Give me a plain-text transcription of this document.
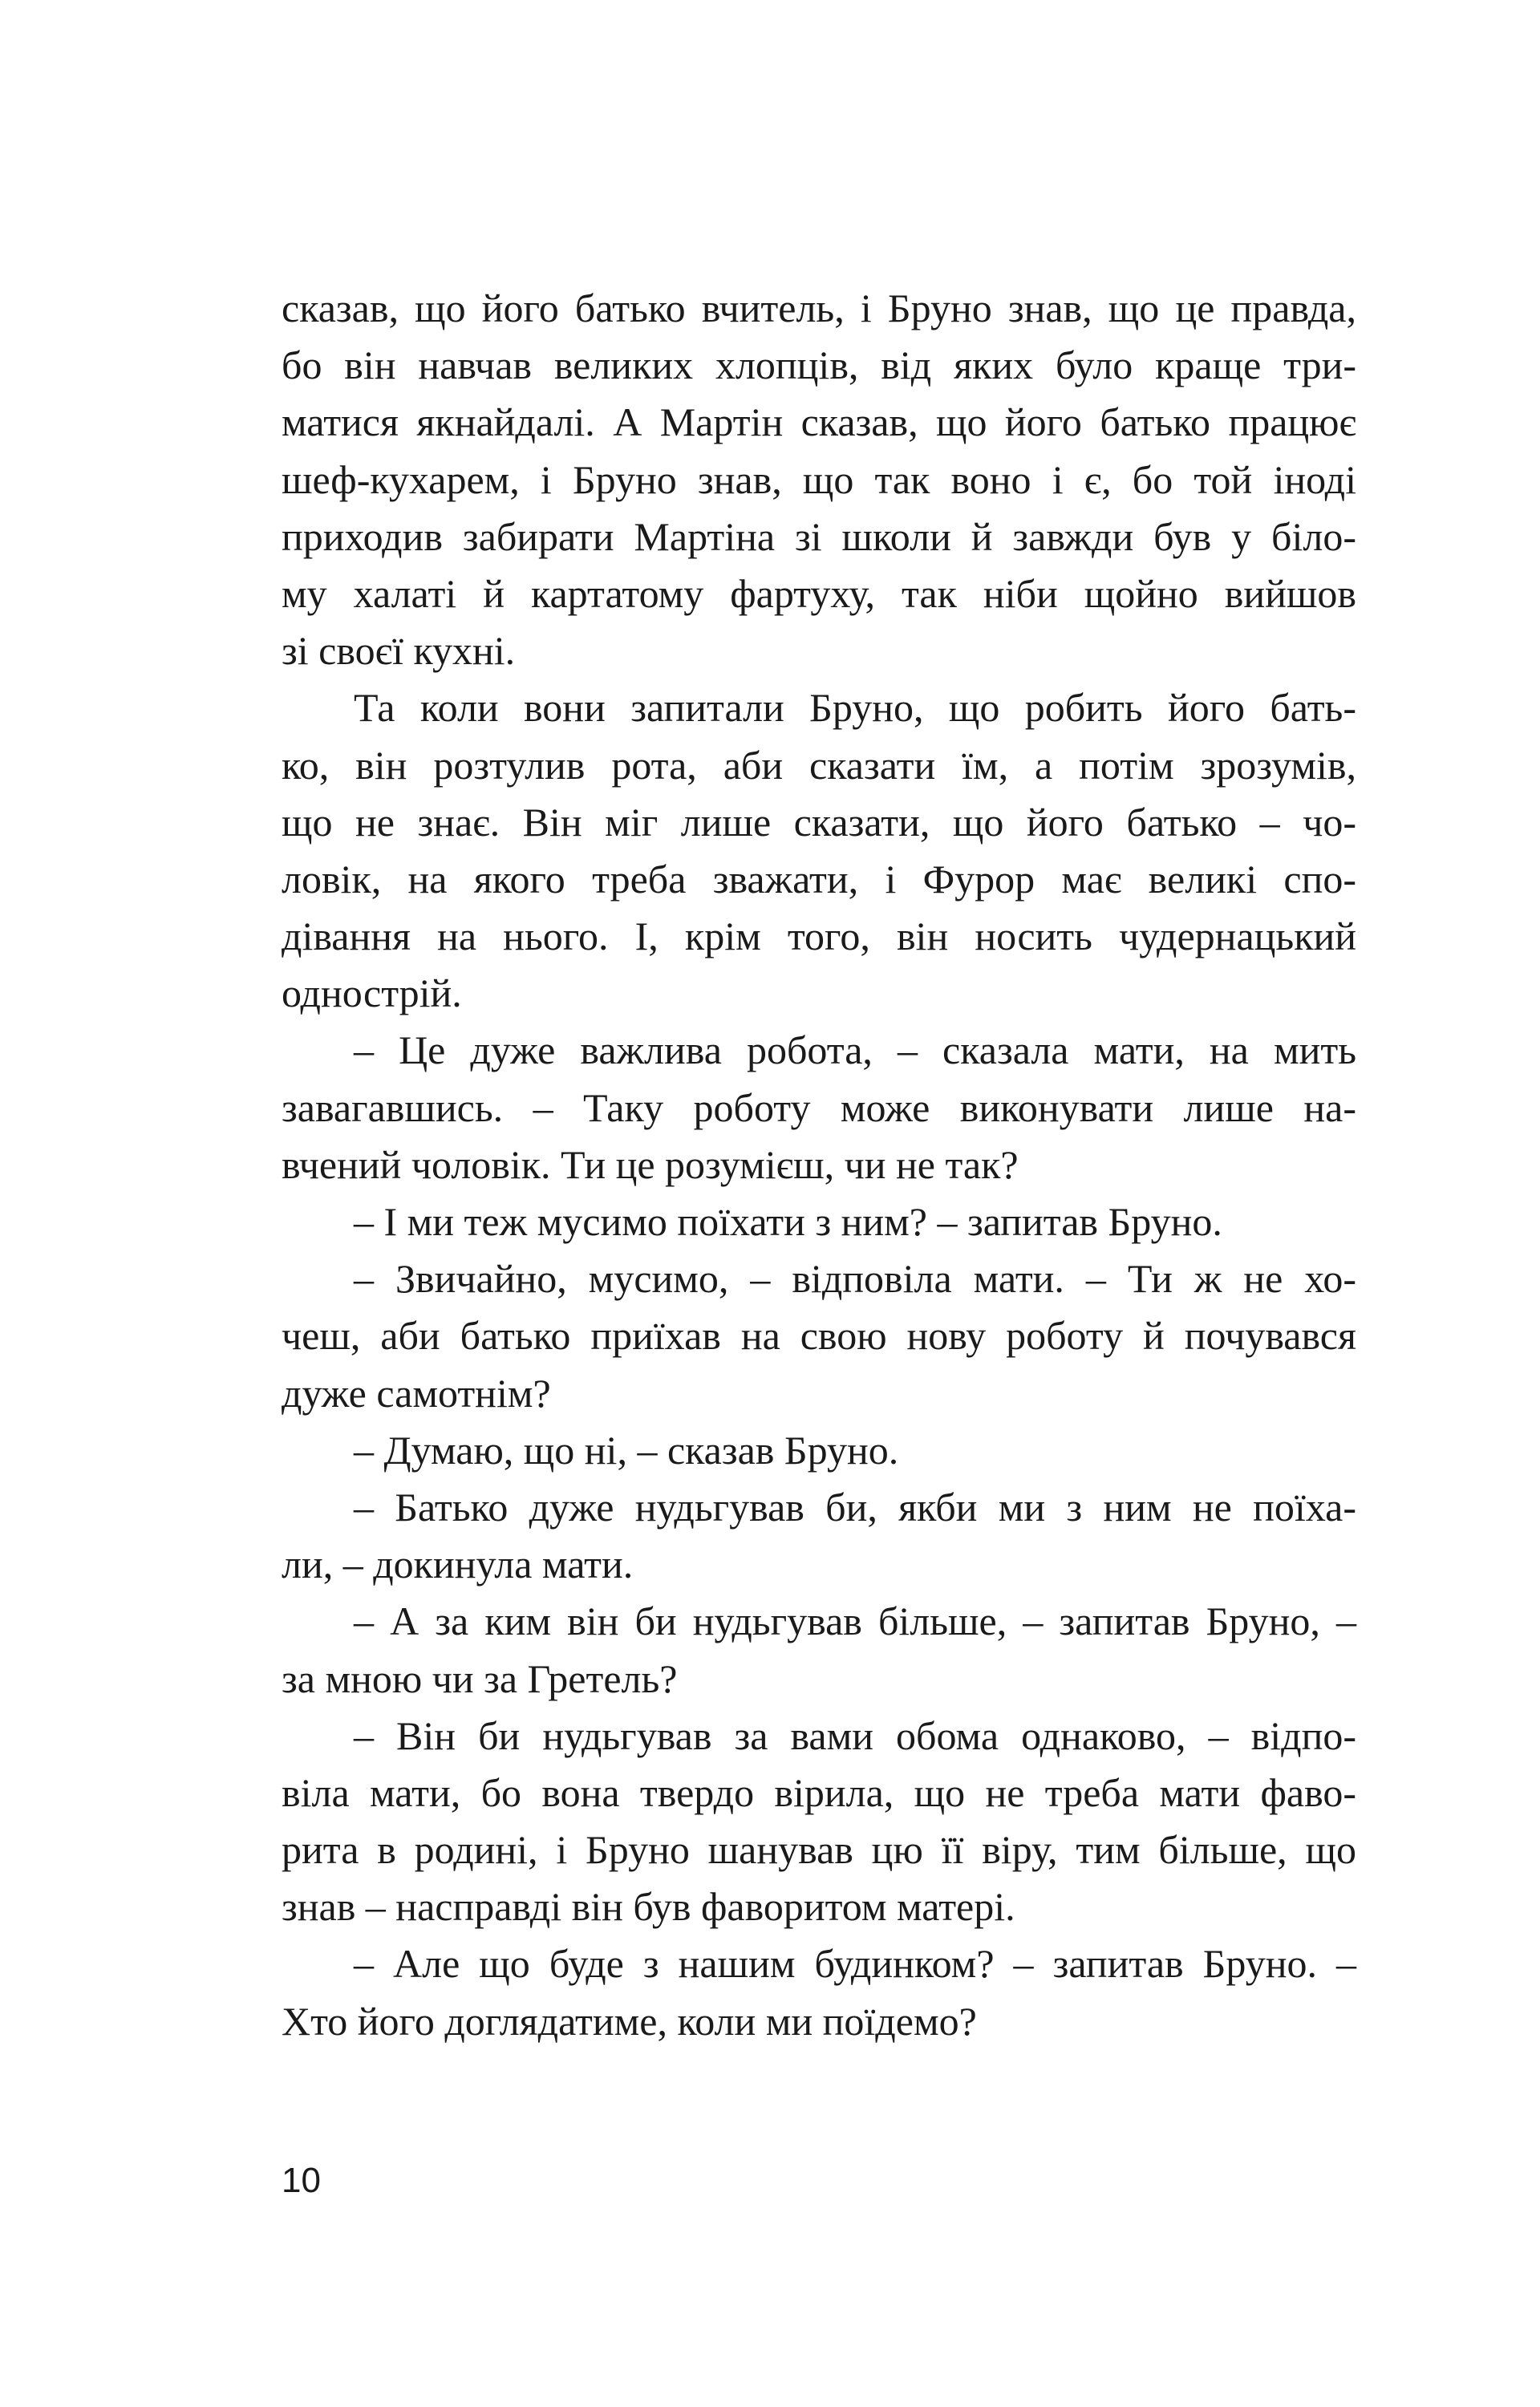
сказав, що його батько вчитель, і Бруно знав, що це правда,
бо він навчав великих хлопців, від яких було краще три-
матися якнайдалі. А Мартін сказав, що його батько працює
шеф-кухарем, і Бруно знав, що так воно і є, бо той іноді
приходив забирати Мартіна зі школи й завжди був у біло-
му халаті й картатому фартуху, так ніби щойно вийшов
зі своєї кухні.
Та коли вони запитали Бруно, що робить його бать-
ко, він розтулив рота, аби сказати їм, а потім зрозумів,
що не знає. Він міг лише сказати, що його батько – чо-
ловік, на якого треба зважати, і Фурор має великі спо-
дівання на нього. І, крім того, він носить чудернацький
однострій.
– Це дуже важлива робота, – сказала мати, на мить
завагавшись. – Таку роботу може виконувати лише на-
вчений чоловік. Ти це розумієш, чи не так?
– І ми теж мусимо поїхати з ним? – запитав Бруно.
– Звичайно, мусимо, – відповіла мати. – Ти ж не хо-
чеш, аби батько приїхав на свою нову роботу й почувався
дуже самотнім?
– Думаю, що ні, – сказав Бруно.
– Батько дуже нудьгував би, якби ми з ним не поїха-
ли, – докинула мати.
– А за ким він би нудьгував більше, – запитав Бруно, –
за мною чи за Гретель?
– Він би нудьгував за вами обома однаково, – відпо-
віла мати, бо вона твердо вірила, що не треба мати фаво-
рита в родині, і Бруно шанував цю її віру, тим більше, що
знав – насправді він був фаворитом матері.
– Але що буде з нашим будинком? – запитав Бруно. –
Хто його доглядатиме, коли ми поїдемо?
10
